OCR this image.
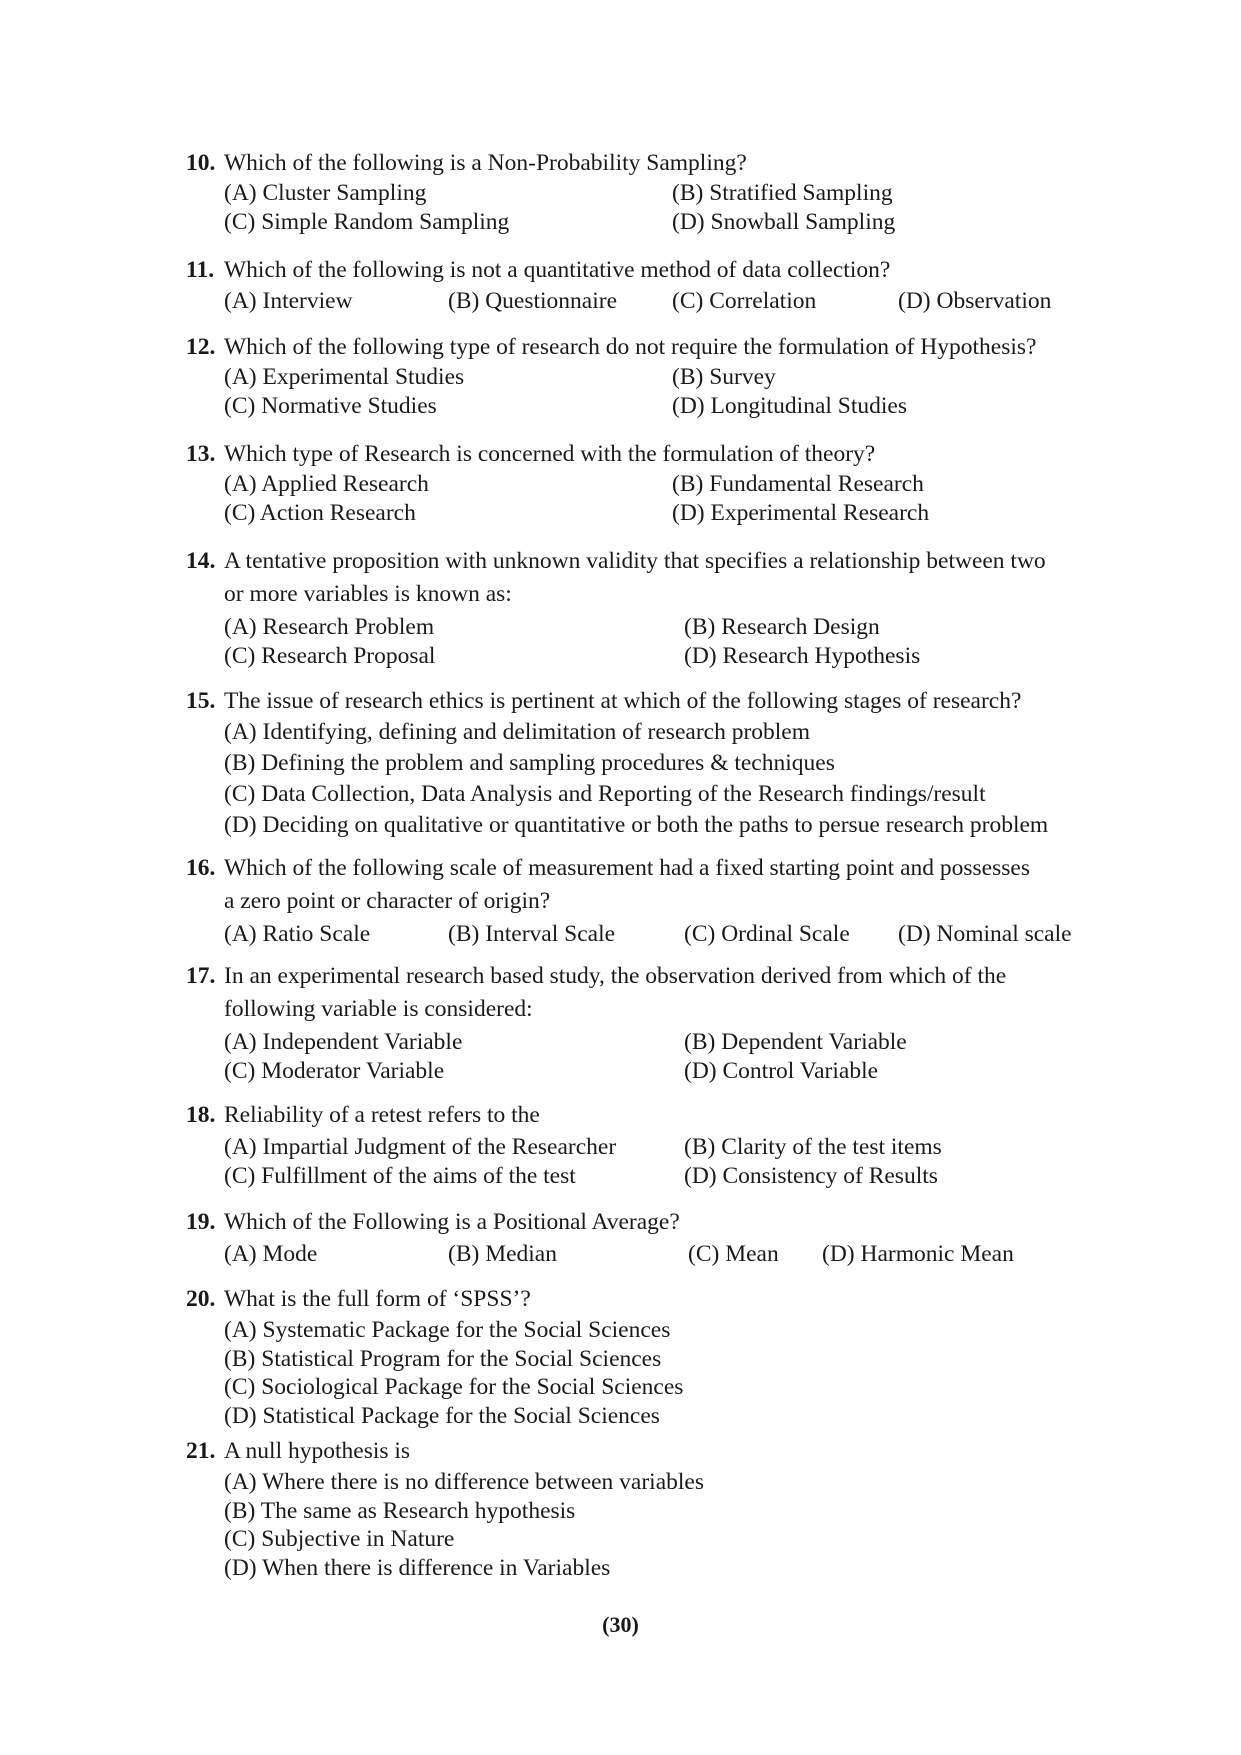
10. Which of the following is a Non-Probability Sampling?
(A) Cluster Sampling	(B) Stratified Sampling
(C) Simple Random Sampling	(D) Snowball Sampling
11. Which of the following is not a quantitative method of data collection?
(A) Interview	(B) Questionnaire (C) Correlation	(D) Observation
12. Which of the following type of research do not require the formulation of Hypothesis?
(A) Experimental Studies	(B) Survey
(C) Normative Studies	(D) Longitudinal Studies
13. Which type of Research is concerned with the formulation of theory?
(A) Applied Research	(B) Fundamental Research
(C) Action Research	(D) Experimental Research
14. A tentative proposition with unknown validity that specifies a relationship between two
or more variables is known as:
(A) Research Problem	(B) Research Design
(C) Research Proposal	(D) Research Hypothesis
15. The issue of research ethics is pertinent at which of the following stages of research?
(A) Identifying, defining and delimitation of research problem
(B) Defining the problem and sampling procedures & techniques
(C) Data Collection, Data Analysis and Reporting of the Research findings/result
(D) Deciding on qualitative or quantitative or both the paths to persue research problem
16. Which of the following scale of measurement had a fixed starting point and possesses
a zero point or character of origin?
(A) Ratio Scale	(B) Interval Scale	(C) Ordinal Scale (D) Nominal scale
17. In an experimental research based study, the observation derived from which of the
following variable is considered:
(A) Independent Variable	(B) Dependent Variable
(C) Moderator Variable	(D) Control Variable
18. Reliability of a retest refers to the
(A) Impartial Judgment of the Researcher	(B) Clarity of the test items
(C) Fulfillment of the aims of the test	(D) Consistency of Results
19. Which of the Following is a Positional Average?
(A) Mode	(B) Median	(C) Mean (D) Harmonic Mean
20. What is the full form of ‘SPSS’?
(A) Systematic Package for the Social Sciences
(B) Statistical Program for the Social Sciences
(C) Sociological Package for the Social Sciences
(D) Statistical Package for the Social Sciences
21. A null hypothesis is
(A) Where there is no difference between variables
(B) The same as Research hypothesis
(C) Subjective in Nature
(D) When there is difference in Variables
(30)
